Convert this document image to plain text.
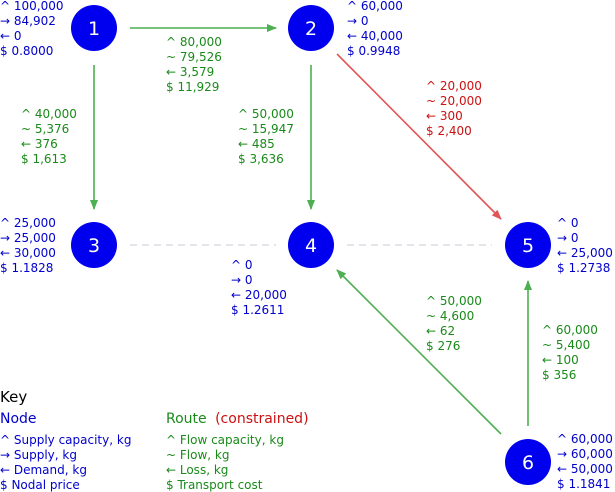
^ 80,000 ~ 79,526 ← 3,579 $ 11,929
^ 40,000 ~ 5,376 ← 376 $ 1,613
^ 50,000 ~ 15,947 ← 485 $ 3,636
^ 20,000 ~ 20,000 ← 300 $ 2,400
^ 50,000 ~ 4,600 ← 62 $ 276
^ 60,000 ~ 5,400 ← 100 $ 356
1	2
3	4	5
6
^ 100,000 → 84,902 ← 0 $ 0.8000
^ 60,000 → 0 ← 40,000 $ 0.9948
^ 25,000 → 25,000 ← 30,000 $ 1.1828	^ 0 → 0 ← 20,000 $ 1.2611
^ 0 → 0 ← 25,000 $ 1.2738
^ 60,000 → 60,000 ← 50,000 $ 1.1841
Key
Node	Route (constrained)
^ Supply capacity, kg → Supply, kg ← Demand, kg $ Nodal price
^ Flow capacity, kg ~ Flow, kg ← Loss, kg $ Transport cost
